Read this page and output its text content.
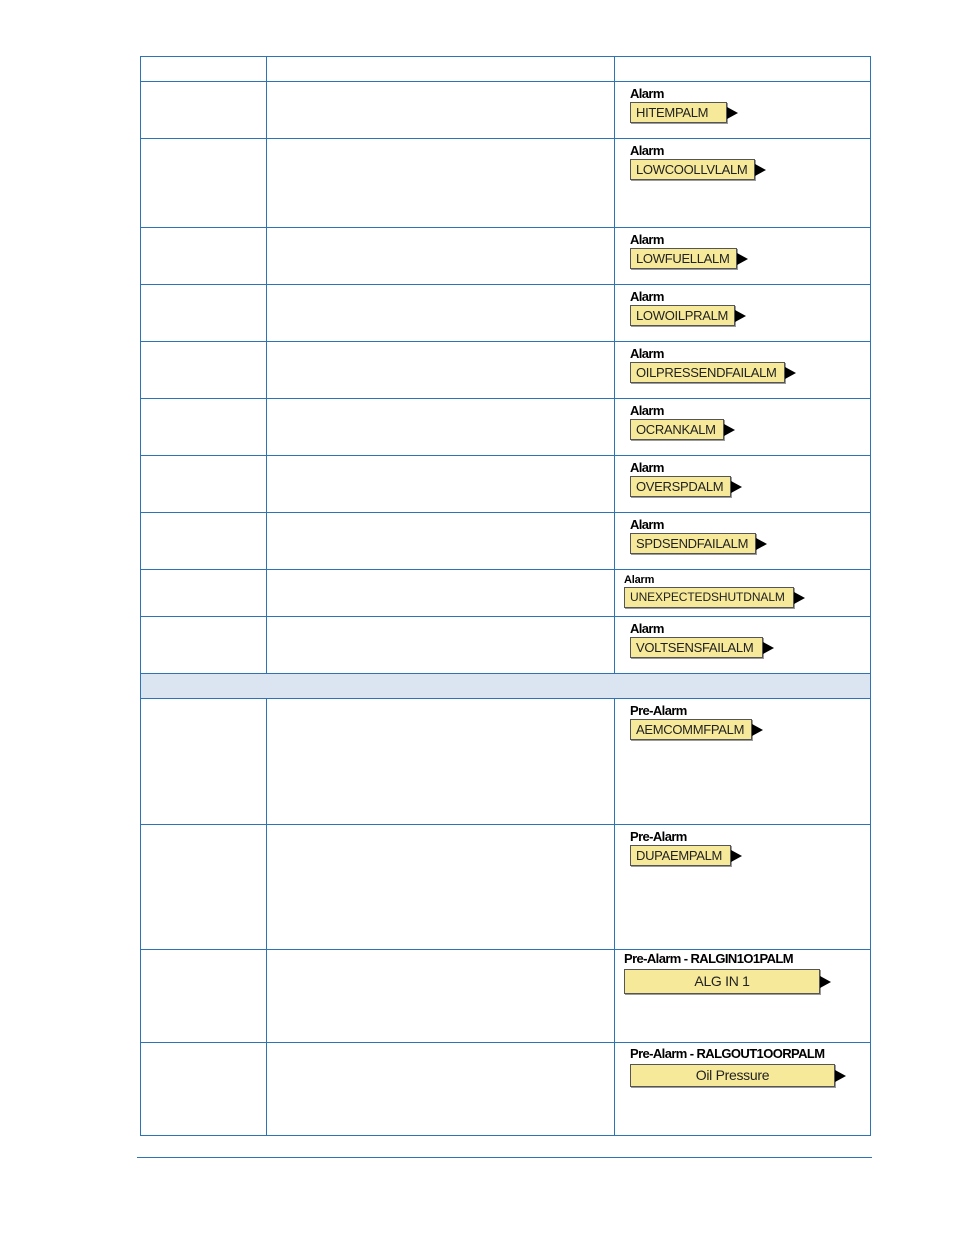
		Alarm
HITEMPALM

		Alarm
LOWCOOLLVLALM

		Alarm
LOWFUELLALM

		Alarm
LOWOILPRALM

		Alarm
OILPRESSENDFAILALM

		Alarm
OCRANKALM

		Alarm
OVERSPDALM

		Alarm
SPDSENDFAILALM

		Alarm
UNEXPECTEDSHUTDNALM

		Alarm
VOLTSENSFAILALM

		Pre-Alarm
AEMCOMMFPALM

		Pre-Alarm
DUPAEMPALM

		Pre-Alarm - RALGIN1O1PALM
ALG IN 1

		Pre-Alarm - RALGOUT1OORPALM
Oil Pressure
